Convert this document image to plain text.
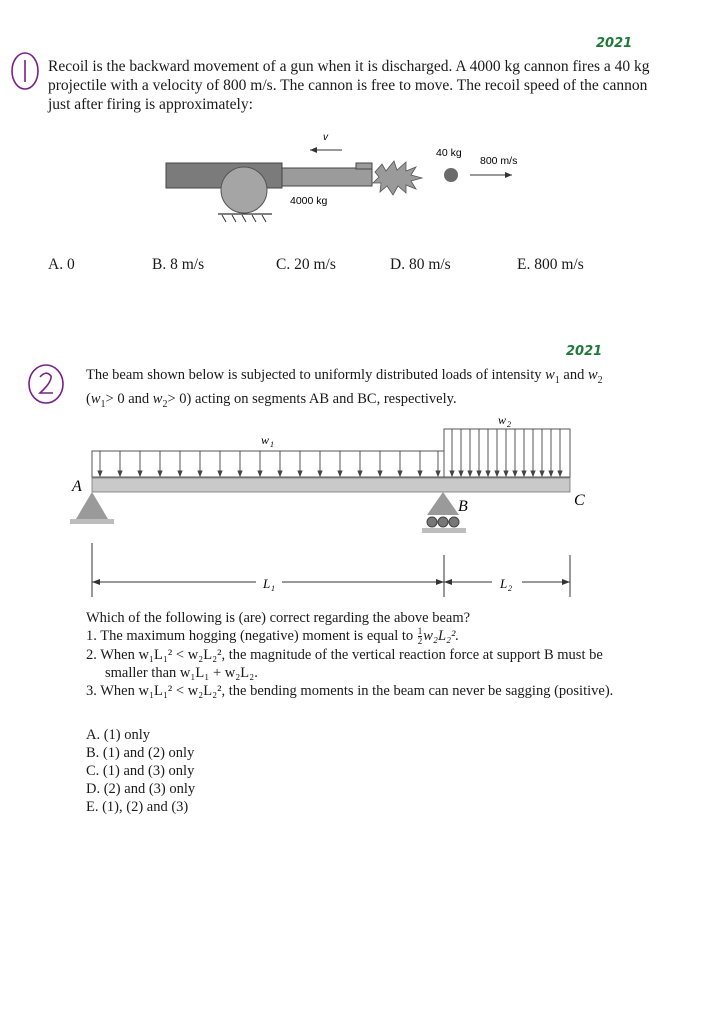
2021
Recoil is the backward movement of a gun when it is discharged. A 4000 kg cannon fires a 40 kg projectile with a velocity of 800 m/s. The cannon is free to move. The recoil speed of the cannon just after firing is approximately:
v
40 kg
800 m/s
4000 kg
A. 0	B. 8 m/s	C. 20 m/s	D. 80 m/s	E. 800 m/s
2021
The beam shown below is subjected to uniformly distributed loads of intensity $w_1$ and $w_2$
($w_1> 0$ and $w_2> 0$) acting on segments AB and BC, respectively.
w 2
w 1
A
B	C
L 1	L 2
Which of the following is (are) correct regarding the above beam?
1. The maximum hogging (negative) moment is equal to $\frac{1}{2} w_2L_2^2$.
2. When w₁L₁² < w₂L₂², the magnitude of the vertical reaction force at support B must be
smaller than w₁L₁ + w₂L₂.
3. When w₁L₁² < w₂L₂², the bending moments in the beam can never be sagging (positive).
A. (1) only
B. (1) and (2) only
C. (1) and (3) only
D. (2) and (3) only
E. (1), (2) and (3)
